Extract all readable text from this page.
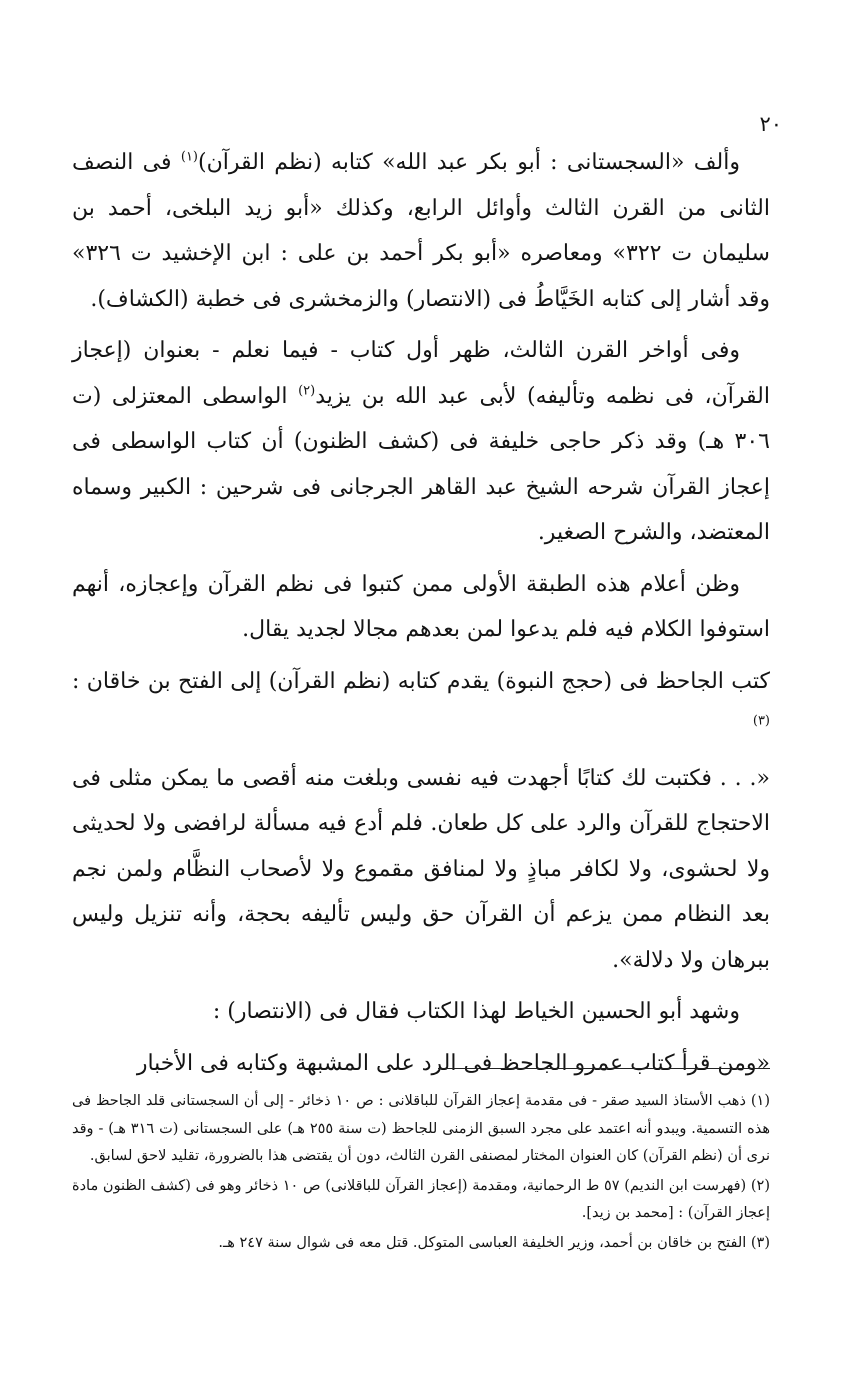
٢٠

وألف «السجستانى : أبو بكر عبد الله» كتابه (نظم القرآن)$^{(١)}$ فى النصف الثانى من القرن الثالث وأوائل الرابع، وكذلك «أبو زيد البلخى، أحمد بن سليمان ت ٣٢٢» ومعاصره «أبو بكر أحمد بن على : ابن الإخشيد ت ٣٢٦» وقد أشار إلى كتابه الخَيَّاطُ فى (الانتصار) والزمخشرى فى خطبة (الكشاف).

وفى أواخر القرن الثالث، ظهر أول كتاب - فيما نعلم - بعنوان (إعجاز القرآن، فى نظمه وتأليفه) لأبى عبد الله بن يزيد$^{(٢)}$ الواسطى المعتزلى (ت ٣٠٦ هـ) وقد ذكر حاجى خليفة فى (كشف الظنون) أن كتاب الواسطى فى إعجاز القرآن شرحه الشيخ عبد القاهر الجرجانى فى شرحين : الكبير وسماه المعتضد، والشرح الصغير.

وظن أعلام هذه الطبقة الأولى ممن كتبوا فى نظم القرآن وإعجازه، أنهم استوفوا الكلام فيه فلم يدعوا لمن بعدهم مجالا لجديد يقال.

كتب الجاحظ فى (حجج النبوة) يقدم كتابه (نظم القرآن) إلى الفتح بن خاقان :$^{(٣)}$

«. . . فكتبت لك كتابًا أجهدت فيه نفسى وبلغت منه أقصى ما يمكن مثلى فى الاحتجاج للقرآن والرد على كل طعان. فلم أدع فيه مسألة لرافضى ولا لحديثى ولا لحشوى، ولا لكافر مباذٍ ولا لمنافق مقموع ولا لأصحاب النظَّام ولمن نجم بعد النظام ممن يزعم أن القرآن حق وليس تأليفه بحجة، وأنه تنزيل وليس ببرهان ولا دلالة».

وشهد أبو الحسين الخياط لهذا الكتاب فقال فى (الانتصار) :

«ومن قرأ كتاب عمرو الجاحظ فى الرد على المشبهة وكتابه فى الأخبار

(١) ذهب الأستاذ السيد صقر - فى مقدمة إعجاز القرآن للباقلانى : ص ١٠ ذخائر - إلى أن السجستانى قلد الجاحظ فى هذه التسمية. ويبدو أنه اعتمد على مجرد السبق الزمنى للجاحظ (ت سنة ٢٥٥ هـ) على السجستانى (ت ٣١٦ هـ) - وقد نرى أن (نظم القرآن) كان العنوان المختار لمصنفى القرن الثالث، دون أن يقتضى هذا بالضرورة، تقليد لاحق لسابق.

(٢) (فهرست ابن النديم) ٥٧ ط الرحمانية، ومقدمة (إعجاز القرآن للباقلانى) ص ١٠ ذخائر وهو فى (كشف الظنون مادة إعجاز القرآن) : [محمد بن زيد].

(٣) الفتح بن خاقان بن أحمد، وزير الخليفة العباسى المتوكل. قتل معه فى شوال سنة ٢٤٧ هـ.
